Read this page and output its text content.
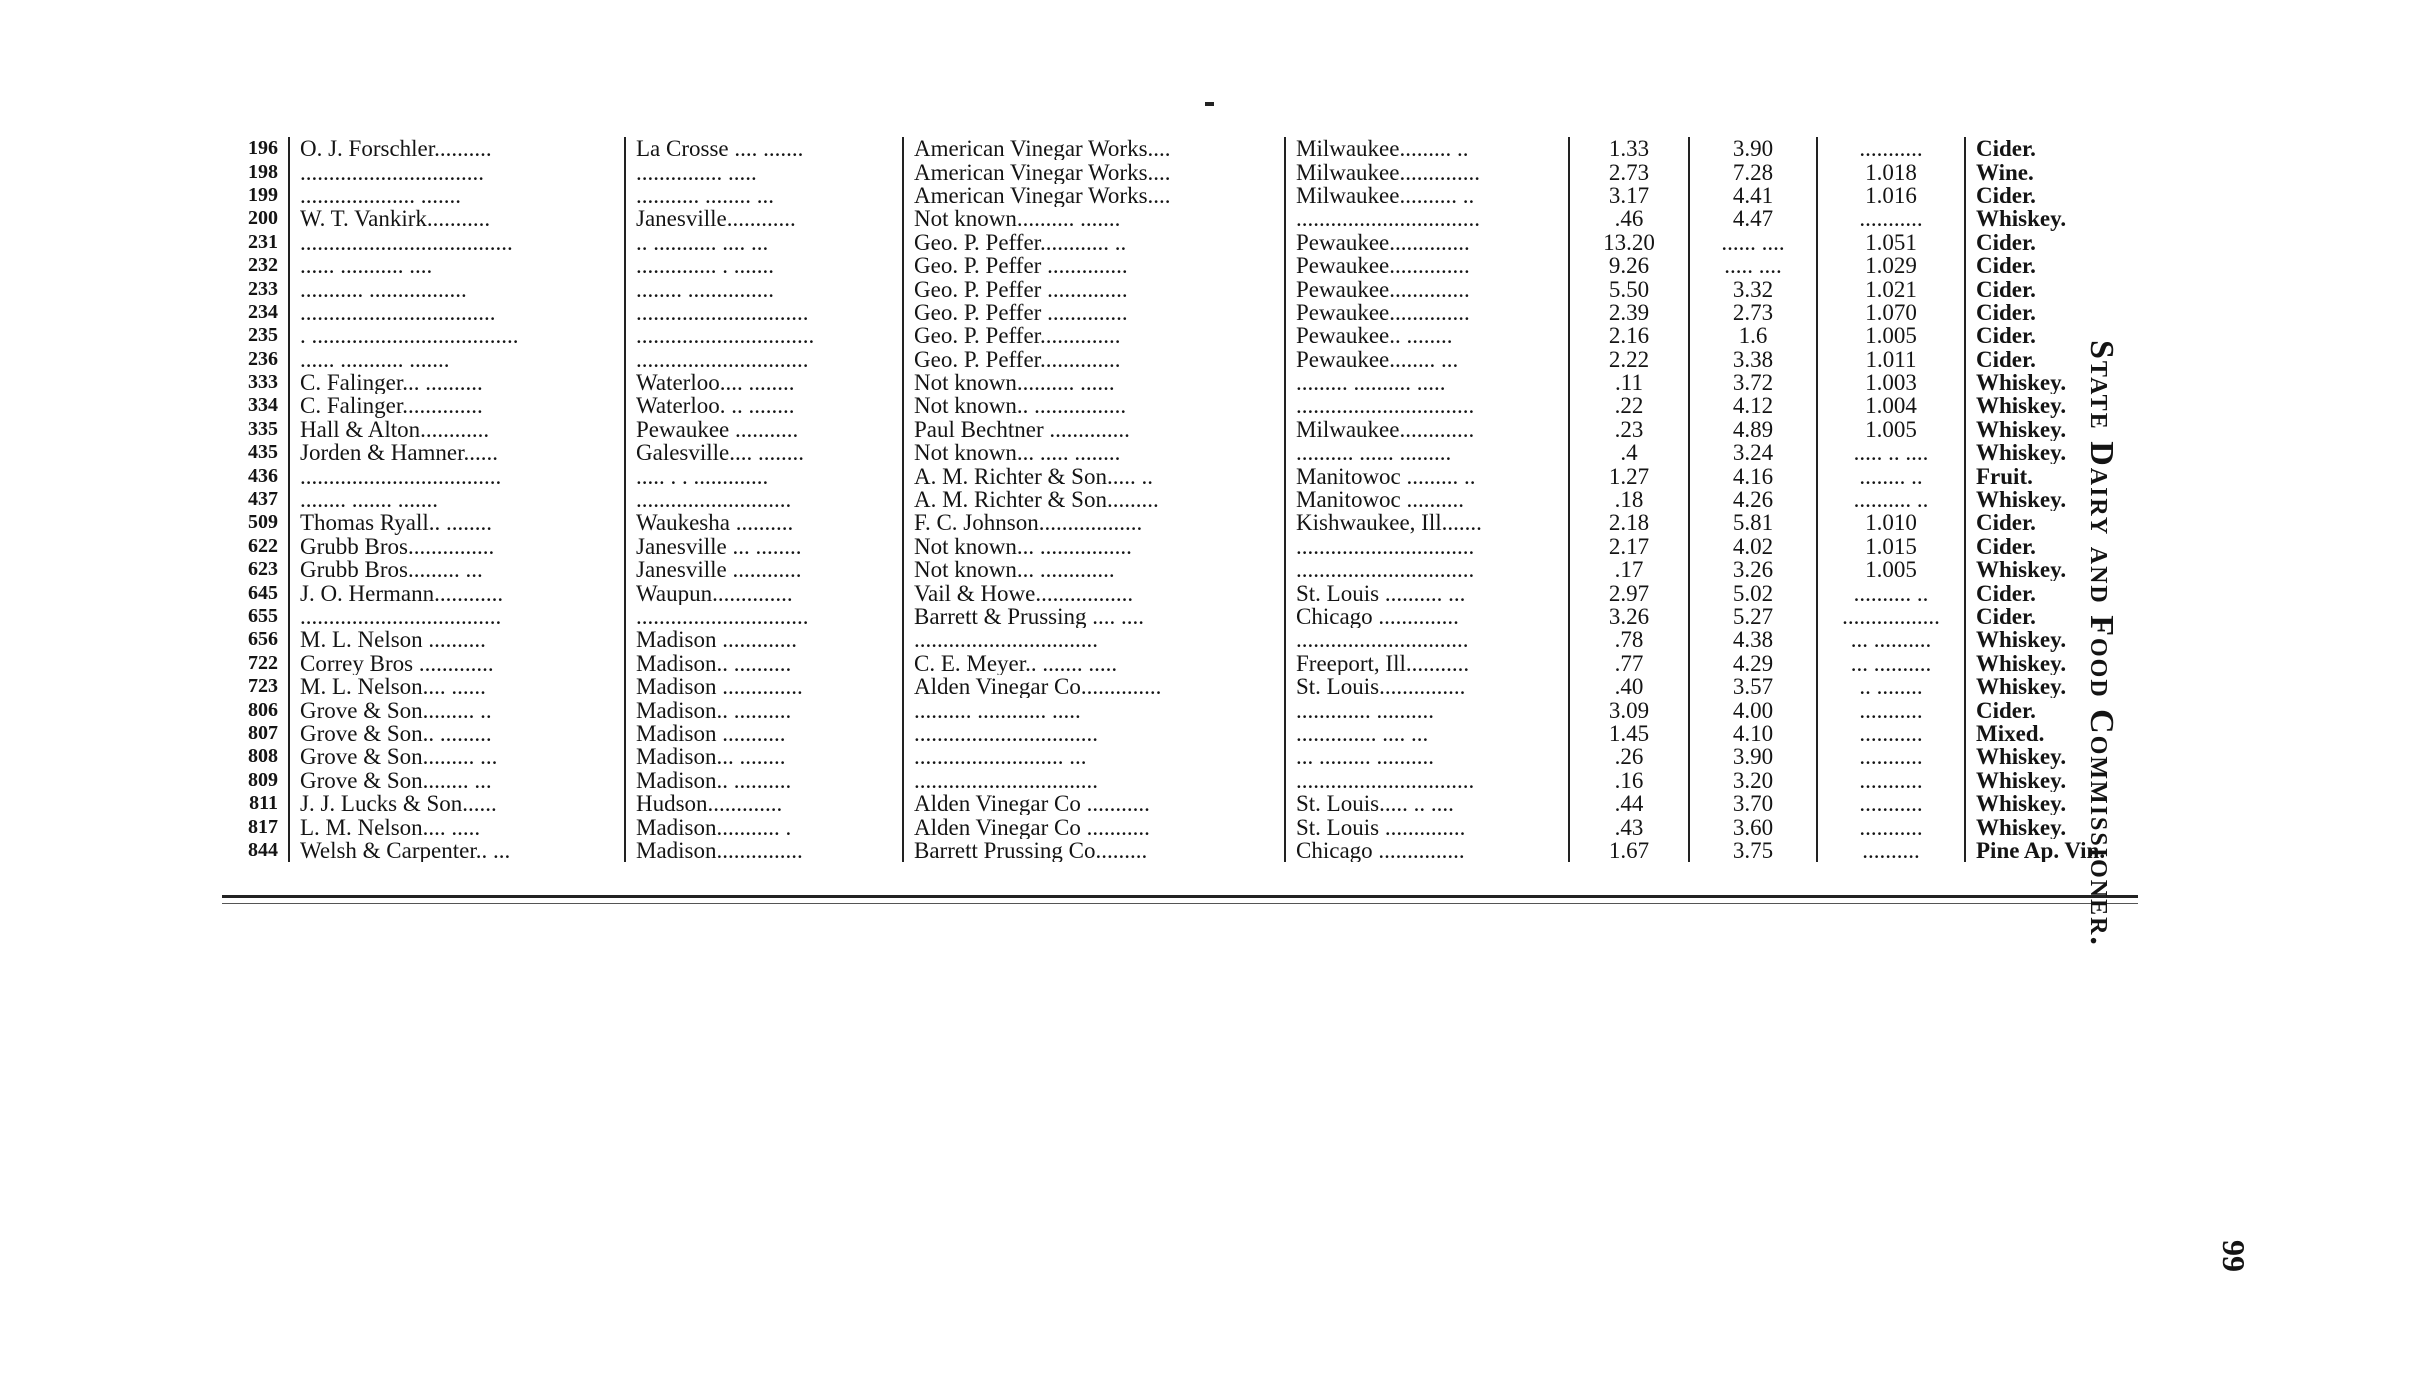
196	O. J. Forschler..........	La Crosse .... .......	American Vinegar Works....	Milwaukee......... ..	1.33	3.90	...........	Cider.
198	................................	............... .....	American Vinegar Works....	Milwaukee..............	2.73	7.28	1.018	Wine.
199	.................... .......	........... ........ ...	American Vinegar Works....	Milwaukee.......... ..	3.17	4.41	1.016	Cider.
200	W. T. Vankirk...........	Janesville............	Not known.......... .......	................................	.46	4.47	...........	Whiskey.
231	.....................................	.. ........... .... ...	Geo. P. Peffer............ ..	Pewaukee..............	13.20	...... ....	1.051	Cider.
232	...... ........... ....	.............. . .......	Geo. P. Peffer ..............	Pewaukee..............	9.26	..... ....	1.029	Cider.
233	........... .................	........ ...............	Geo. P. Peffer ..............	Pewaukee..............	5.50	3.32	1.021	Cider.
234	..................................	..............................	Geo. P. Peffer ..............	Pewaukee..............	2.39	2.73	1.070	Cider.
235	. ....................................	...............................	Geo. P. Peffer..............	Pewaukee.. ........	2.16	1.6	1.005	Cider.
236	...... ........... .......	..............................	Geo. P. Peffer..............	Pewaukee........ ...	2.22	3.38	1.011	Cider.
333	C. Falinger... ..........	Waterloo.... ........	Not known.......... ......	......... .......... .....	.11	3.72	1.003	Whiskey.
334	C. Falinger..............	Waterloo. .. ........	Not known.. ................	...............................	.22	4.12	1.004	Whiskey.
335	Hall & Alton............	Pewaukee ...........	Paul Bechtner ..............	Milwaukee.............	.23	4.89	1.005	Whiskey.
435	Jorden & Hamner......	Galesville.... ........	Not known... ..... ........	.......... ...... .........	.4	3.24	..... .. ....	Whiskey.
436	...................................	..... . . .............	A. M. Richter & Son..... ..	Manitowoc ......... ..	1.27	4.16	........ ..	Fruit.
437	........ ....... .......	...........................	A. M. Richter & Son.........	Manitowoc ..........	.18	4.26	.......... ..	Whiskey.
509	Thomas Ryall.. ........	Waukesha ..........	F. C. Johnson..................	Kishwaukee, Ill.......	2.18	5.81	1.010	Cider.
622	Grubb Bros...............	Janesville ... ........	Not known... ................	...............................	2.17	4.02	1.015	Cider.
623	Grubb Bros......... ...	Janesville ............	Not known... .............	...............................	.17	3.26	1.005	Whiskey.
645	J. O. Hermann............	Waupun..............	Vail & Howe.................	St. Louis .......... ...	2.97	5.02	.......... ..	Cider.
655	...................................	..............................	Barrett & Prussing .... ....	Chicago ..............	3.26	5.27	.................	Cider.
656	M. L. Nelson ..........	Madison .............	................................	..............................	.78	4.38	... ..........	Whiskey.
722	Correy Bros .............	Madison.. ..........	C. E. Meyer.. ....... .....	Freeport, Ill...........	.77	4.29	... ..........	Whiskey.
723	M. L. Nelson.... ......	Madison ..............	Alden Vinegar Co..............	St. Louis...............	.40	3.57	.. ........	Whiskey.
806	Grove & Son......... ..	Madison.. ..........	.......... ............ .....	............. ..........	3.09	4.00	...........	Cider.
807	Grove & Son.. .........	Madison ...........	................................	.............. .... ...	1.45	4.10	...........	Mixed.
808	Grove & Son......... ...	Madison... ........	.......................... ...	... ......... ..........	.26	3.90	...........	Whiskey.
809	Grove & Son........ ...	Madison.. ..........	................................	...............................	.16	3.20	...........	Whiskey.
811	J. J. Lucks & Son......	Hudson.............	Alden Vinegar Co ...........	St. Louis..... .. ....	.44	3.70	...........	Whiskey.
817	L. M. Nelson.... .....	Madison........... .	Alden Vinegar Co ...........	St. Louis ..............	.43	3.60	...........	Whiskey.
844	Welsh & Carpenter.. ...	Madison...............	Barrett Prussing Co.........	Chicago ...............	1.67	3.75	..........	Pine Ap. Vin.
State Dairy and Food Commissioner.
99
